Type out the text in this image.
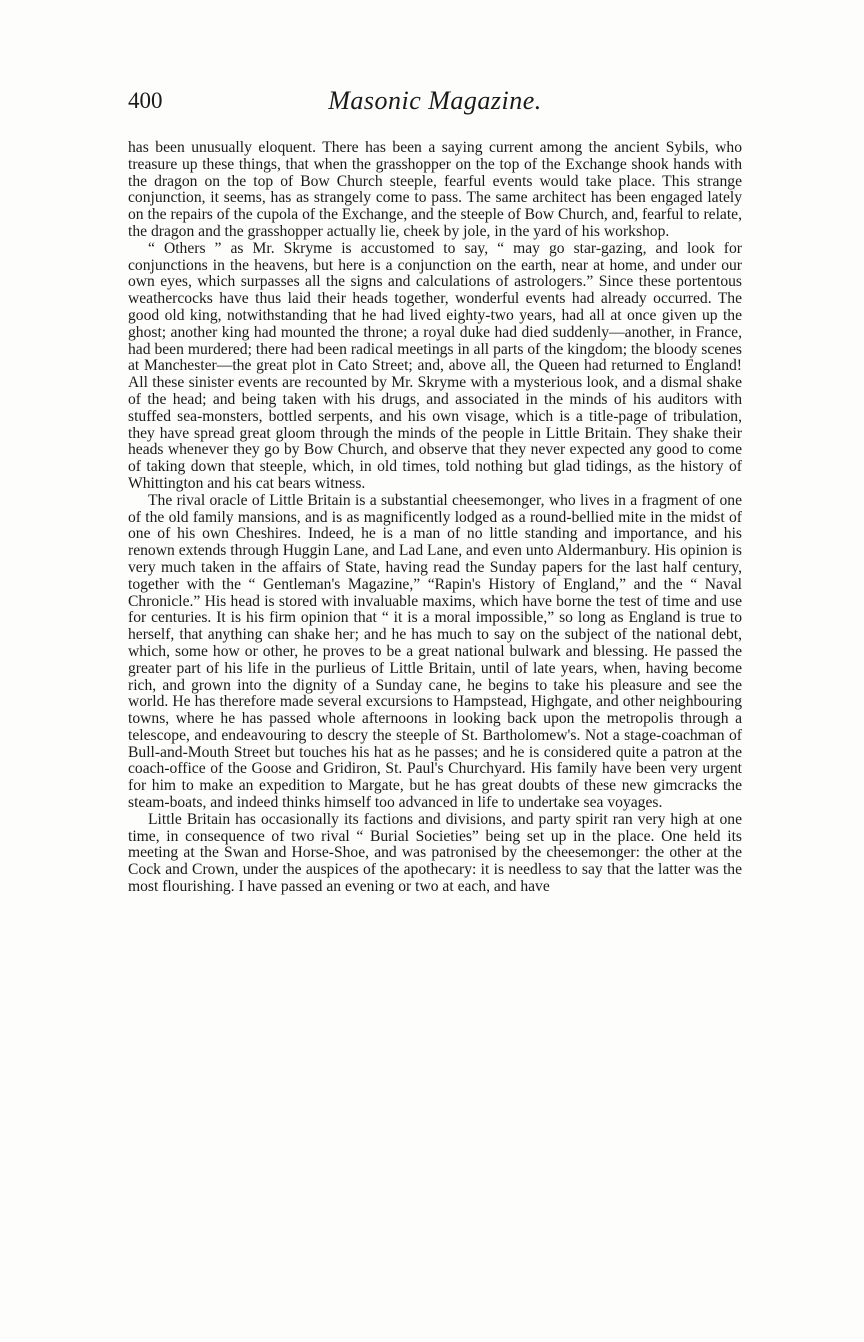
400	Masonic Magazine.

has been unusually eloquent. There has been a saying current among the ancient Sybils, who treasure up these things, that when the grasshopper on the top of the Exchange shook hands with the dragon on the top of Bow Church steeple, fearful events would take place. This strange conjunction, it seems, has as strangely come to pass. The same architect has been engaged lately on the repairs of the cupola of the Exchange, and the steeple of Bow Church, and, fearful to relate, the dragon and the grasshopper actually lie, cheek by jole, in the yard of his workshop.

“ Others ” as Mr. Skryme is accustomed to say, “ may go star-gazing, and look for conjunctions in the heavens, but here is a conjunction on the earth, near at home, and under our own eyes, which surpasses all the signs and calculations of astrologers.” Since these portentous weathercocks have thus laid their heads together, wonderful events had already occurred. The good old king, notwithstanding that he had lived eighty-two years, had all at once given up the ghost; another king had mounted the throne; a royal duke had died suddenly—another, in France, had been murdered; there had been radical meetings in all parts of the kingdom; the bloody scenes at Manchester—the great plot in Cato Street; and, above all, the Queen had returned to England! All these sinister events are recounted by Mr. Skryme with a mysterious look, and a dismal shake of the head; and being taken with his drugs, and associated in the minds of his auditors with stuffed sea-monsters, bottled serpents, and his own visage, which is a title-page of tribulation, they have spread great gloom through the minds of the people in Little Britain. They shake their heads whenever they go by Bow Church, and observe that they never expected any good to come of taking down that steeple, which, in old times, told nothing but glad tidings, as the history of Whittington and his cat bears witness.

The rival oracle of Little Britain is a substantial cheesemonger, who lives in a fragment of one of the old family mansions, and is as magnificently lodged as a round-bellied mite in the midst of one of his own Cheshires. Indeed, he is a man of no little standing and importance, and his renown extends through Huggin Lane, and Lad Lane, and even unto Aldermanbury. His opinion is very much taken in the affairs of State, having read the Sunday papers for the last half century, together with the “ Gentleman's Magazine,” “Rapin's History of England,” and the “ Naval Chronicle.” His head is stored with invaluable maxims, which have borne the test of time and use for centuries. It is his firm opinion that “ it is a moral impossible,” so long as England is true to herself, that anything can shake her; and he has much to say on the subject of the national debt, which, some how or other, he proves to be a great national bulwark and blessing. He passed the greater part of his life in the purlieus of Little Britain, until of late years, when, having become rich, and grown into the dignity of a Sunday cane, he begins to take his pleasure and see the world. He has therefore made several excursions to Hampstead, Highgate, and other neighbouring towns, where he has passed whole afternoons in looking back upon the metropolis through a telescope, and endeavouring to descry the steeple of St. Bartholomew's. Not a stage-coachman of Bull-and-Mouth Street but touches his hat as he passes; and he is considered quite a patron at the coach-office of the Goose and Gridiron, St. Paul's Churchyard. His family have been very urgent for him to make an expedition to Margate, but he has great doubts of these new gimcracks the steam-boats, and indeed thinks himself too advanced in life to undertake sea voyages.

Little Britain has occasionally its factions and divisions, and party spirit ran very high at one time, in consequence of two rival “ Burial Societies” being set up in the place. One held its meeting at the Swan and Horse-Shoe, and was patronised by the cheesemonger: the other at the Cock and Crown, under the auspices of the apothecary: it is needless to say that the latter was the most flourishing. I have passed an evening or two at each, and have
